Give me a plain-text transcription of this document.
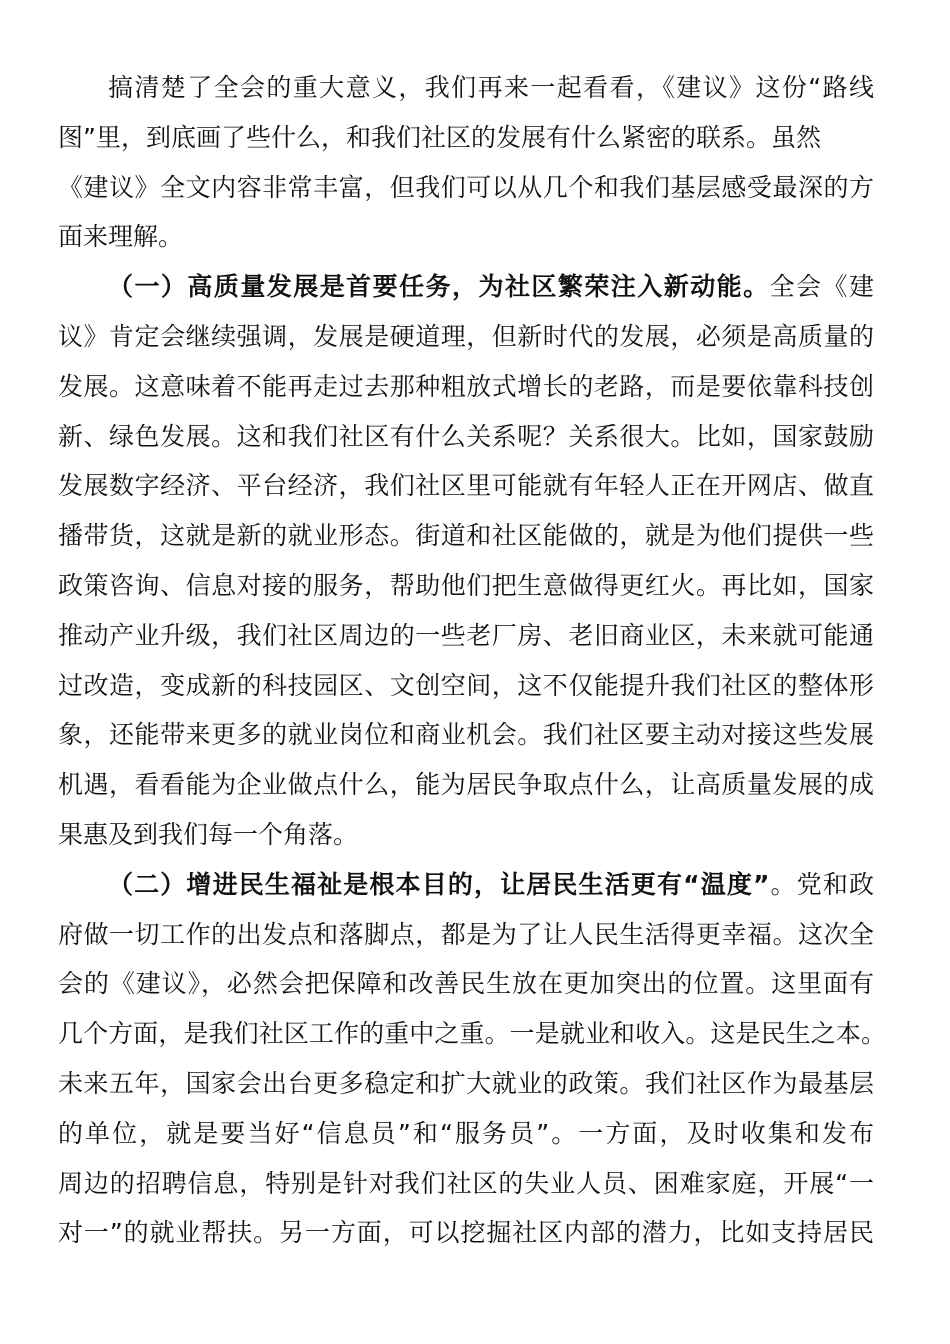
搞清楚了全会的重大意义，我们再来一起看看，《建议》这份“路线
图”里，到底画了些什么，和我们社区的发展有什么紧密的联系。虽然
《建议》全文内容非常丰富，但我们可以从几个和我们基层感受最深的方
面来理解。
（一）高质量发展是首要任务，为社区繁荣注入新动能。全会《建
议》肯定会继续强调，发展是硬道理，但新时代的发展，必须是高质量的
发展。这意味着不能再走过去那种粗放式增长的老路，而是要依靠科技创
新、绿色发展。这和我们社区有什么关系呢？关系很大。比如，国家鼓励
发展数字经济、平台经济，我们社区里可能就有年轻人正在开网店、做直
播带货，这就是新的就业形态。街道和社区能做的，就是为他们提供一些
政策咨询、信息对接的服务，帮助他们把生意做得更红火。再比如，国家
推动产业升级，我们社区周边的一些老厂房、老旧商业区，未来就可能通
过改造，变成新的科技园区、文创空间，这不仅能提升我们社区的整体形
象，还能带来更多的就业岗位和商业机会。我们社区要主动对接这些发展
机遇，看看能为企业做点什么，能为居民争取点什么，让高质量发展的成
果惠及到我们每一个角落。
（二）增进民生福祉是根本目的，让居民生活更有“温度”。党和政
府做一切工作的出发点和落脚点，都是为了让人民生活得更幸福。这次全
会的《建议》，必然会把保障和改善民生放在更加突出的位置。这里面有
几个方面，是我们社区工作的重中之重。一是就业和收入。这是民生之本。
未来五年，国家会出台更多稳定和扩大就业的政策。我们社区作为最基层
的单位，就是要当好“信息员”和“服务员”。一方面，及时收集和发布
周边的招聘信息，特别是针对我们社区的失业人员、困难家庭，开展“一
对一”的就业帮扶。另一方面，可以挖掘社区内部的潜力，比如支持居民
